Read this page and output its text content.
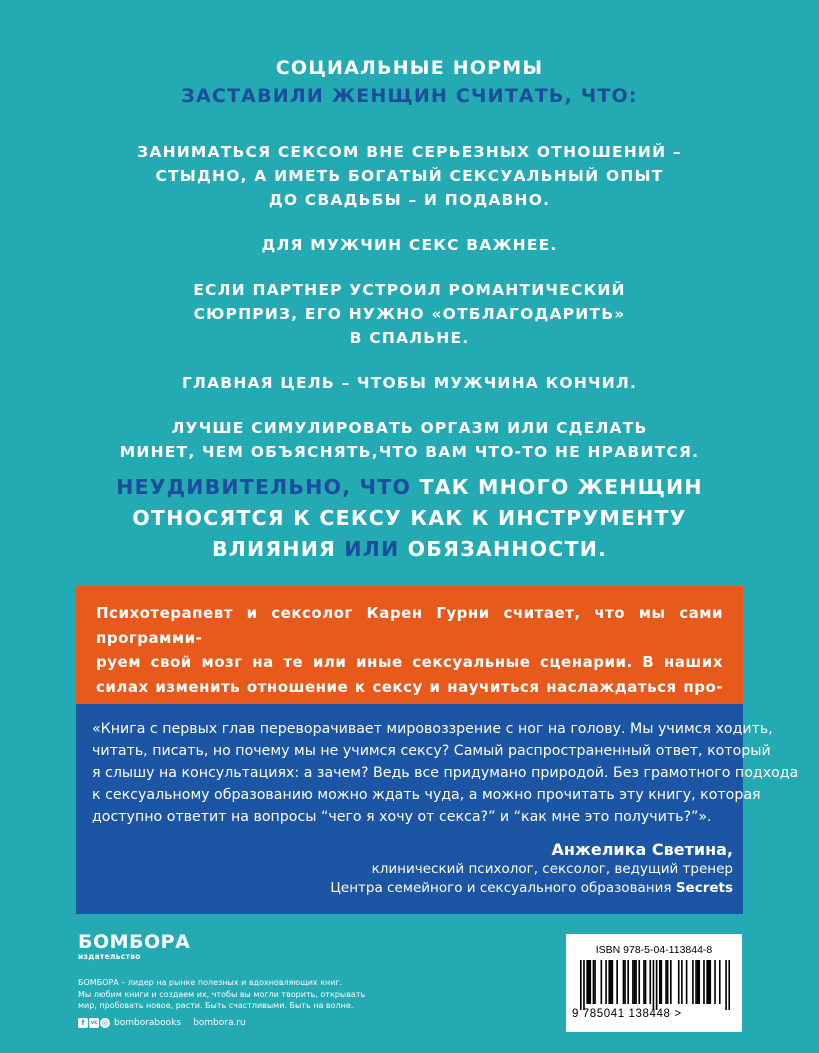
СОЦИАЛЬНЫЕ НОРМЫ
ЗАСТАВИЛИ ЖЕНЩИН СЧИТАТЬ, ЧТО:
ЗАНИМАТЬСЯ СЕКСОМ ВНЕ СЕРЬЕЗНЫХ ОТНОШЕНИЙ –
СТЫДНО, А ИМЕТЬ БОГАТЫЙ СЕКСУАЛЬНЫЙ ОПЫТ
ДО СВАДЬБЫ – И ПОДАВНО.
ДЛЯ МУЖЧИН СЕКС ВАЖНЕЕ.
ЕСЛИ ПАРТНЕР УСТРОИЛ РОМАНТИЧЕСКИЙ
СЮРПРИЗ, ЕГО НУЖНО «ОТБЛАГОДАРИТЬ»
В СПАЛЬНЕ.
ГЛАВНАЯ ЦЕЛЬ – ЧТОБЫ МУЖЧИНА КОНЧИЛ.
ЛУЧШЕ СИМУЛИРОВАТЬ ОРГАЗМ ИЛИ СДЕЛАТЬ
МИНЕТ, ЧЕМ ОБЪЯСНЯТЬ,ЧТО ВАМ ЧТО-ТО НЕ НРАВИТСЯ.
НЕУДИВИТЕЛЬНО, ЧТО ТАК МНОГО ЖЕНЩИН
ОТНОСЯТСЯ К СЕКСУ КАК К ИНСТРУМЕНТУ
ВЛИЯНИЯ ИЛИ ОБЯЗАННОСТИ.

Психотерапевт и сексолог Карен Гурни считает, что мы сами программи-
руем свой мозг на те или иные сексуальные сценарии. В наших
силах изменить отношение к сексу и научиться наслаждаться про-

«Книга с первых глав переворачивает мировоззрение с ног на голову. Мы учимся ходить,
читать, писать, но почему мы не учимся сексу? Самый распространенный ответ, который
я слышу на консультациях: а зачем? Ведь все придумано природой. Без грамотного подхода
к сексуальному образованию можно ждать чуда, а можно прочитать эту книгу, которая
доступно ответит на вопросы “чего я хочу от секса?” и “как мне это получить?”».

Анжелика Светина,
клинический психолог, сексолог, ведущий тренер
Центра семейного и сексуального образования Secrets
БОМБОРА
издательство
БОМБОРА – лидер на рынке полезных и вдохновляющих книг.
Мы любим книги и создаем их, чтобы вы могли творить, открывать
мир, пробовать новое, расти. Быть счастливыми. Быть на волне.
f	vk ◎ bomborabooks bombora.ru
ISBN 978-5-04-113844-8
9 785041 138448 >
